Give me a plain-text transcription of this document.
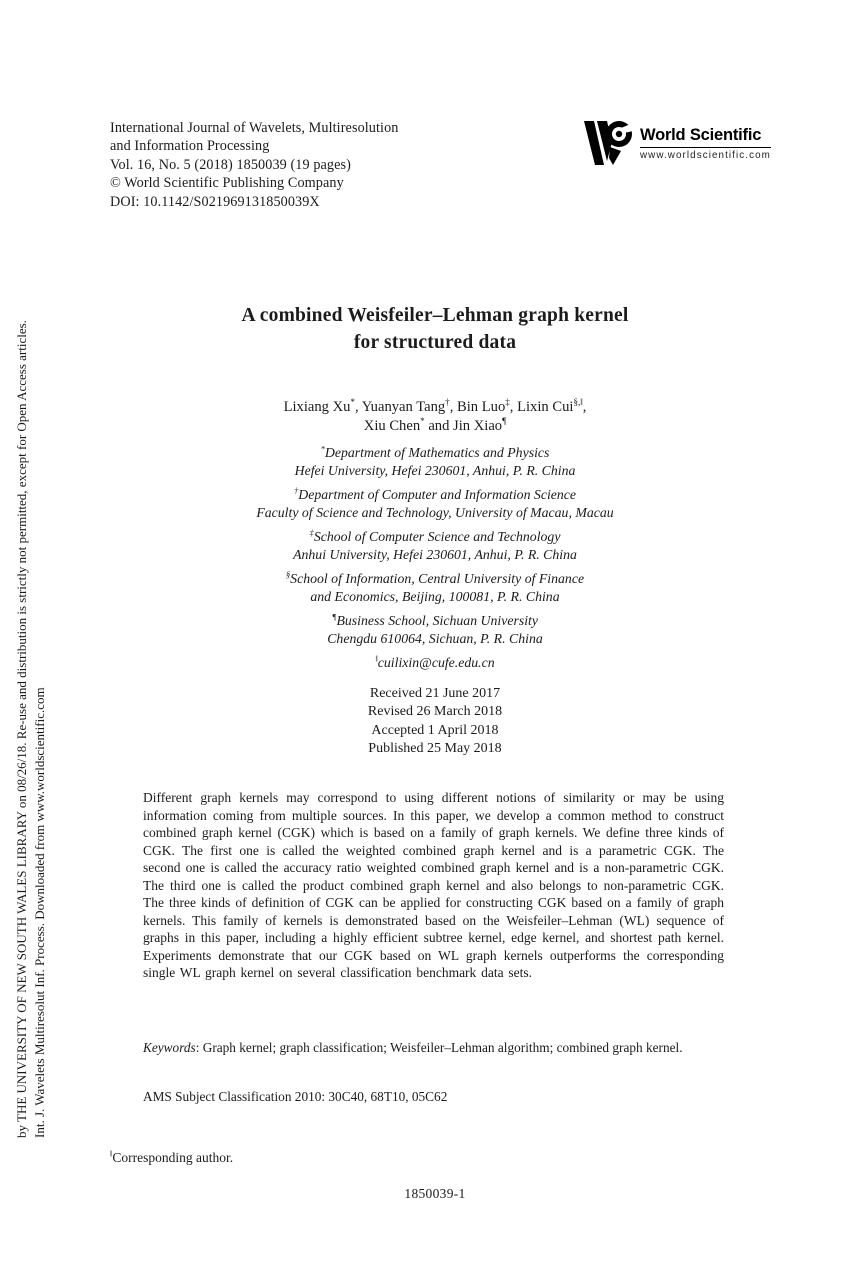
by THE UNIVERSITY OF NEW SOUTH WALES LIBRARY on 08/26/18. Re-use and distribution is strictly not permitted, except for Open Access articles. Int. J. Wavelets Multiresolut Inf. Process. Downloaded from www.worldscientific.com
International Journal of Wavelets, Multiresolution
and Information Processing
Vol. 16, No. 5 (2018) 1850039 (19 pages)
© World Scientific Publishing Company
DOI: 10.1142/S021969131850039X
World Scientific
www.worldscientific.com
A combined Weisfeiler–Lehman graph kernel
for structured data
Lixiang Xu*, Yuanyan Tang†, Bin Luo‡, Lixin Cui§,‖,
Xiu Chen* and Jin Xiao¶
*Department of Mathematics and Physics
Hefei University, Hefei 230601, Anhui, P. R. China
†Department of Computer and Information Science
Faculty of Science and Technology, University of Macau, Macau
‡School of Computer Science and Technology
Anhui University, Hefei 230601, Anhui, P. R. China
§School of Information, Central University of Finance
and Economics, Beijing, 100081, P. R. China
¶Business School, Sichuan University
Chengdu 610064, Sichuan, P. R. China
‖cuilixin@cufe.edu.cn
Received 21 June 2017
Revised 26 March 2018
Accepted 1 April 2018
Published 25 May 2018
Different graph kernels may correspond to using different notions of similarity or may be using information coming from multiple sources. In this paper, we develop a common method to construct combined graph kernel (CGK) which is based on a family of graph kernels. We define three kinds of CGK. The first one is called the weighted combined graph kernel and is a parametric CGK. The second one is called the accuracy ratio weighted combined graph kernel and is a non-parametric CGK. The third one is called the product combined graph kernel and also belongs to non-parametric CGK. The three kinds of definition of CGK can be applied for constructing CGK based on a family of graph kernels. This family of kernels is demonstrated based on the Weisfeiler–Lehman (WL) sequence of graphs in this paper, including a highly efficient subtree kernel, edge kernel, and shortest path kernel. Experiments demonstrate that our CGK based on WL graph kernels outperforms the corresponding single WL graph kernel on several classification benchmark data sets.
Keywords: Graph kernel; graph classification; Weisfeiler–Lehman algorithm; combined graph kernel.
AMS Subject Classification 2010: 30C40, 68T10, 05C62
‖Corresponding author.
1850039-1
